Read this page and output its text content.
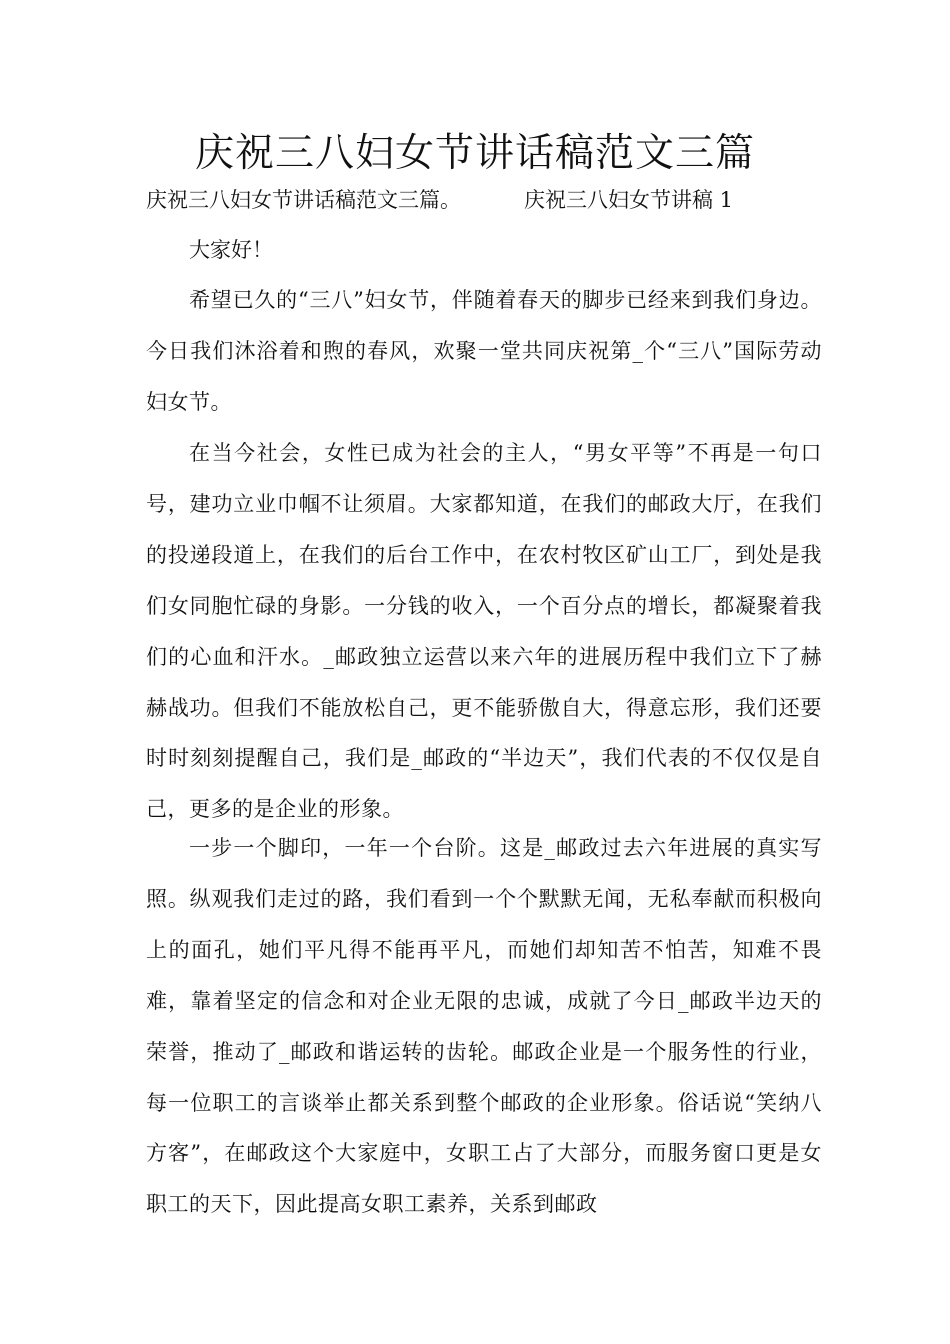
庆祝三八妇女节讲话稿范文三篇
庆祝三八妇女节讲话稿范文三篇。	庆祝三八妇女节讲稿 1
大家好！
希望已久的“三八”妇女节，伴随着春天的脚步已经来到我们身边。今日我们沐浴着和煦的春风，欢聚一堂共同庆祝第_个“三八”国际劳动妇女节。
在当今社会，女性已成为社会的主人，“男女平等”不再是一句口号，建功立业巾帼不让须眉。大家都知道，在我们的邮政大厅，在我们的投递段道上，在我们的后台工作中，在农村牧区矿山工厂，到处是我们女同胞忙碌的身影。一分钱的收入，一个百分点的增长，都凝聚着我们的心血和汗水。_邮政独立运营以来六年的进展历程中我们立下了赫赫战功。但我们不能放松自己，更不能骄傲自大，得意忘形，我们还要时时刻刻提醒自己，我们是_邮政的“半边天”，我们代表的不仅仅是自己，更多的是企业的形象。
一步一个脚印，一年一个台阶。这是_邮政过去六年进展的真实写照。纵观我们走过的路，我们看到一个个默默无闻，无私奉献而积极向上的面孔，她们平凡得不能再平凡，而她们却知苦不怕苦，知难不畏难，靠着坚定的信念和对企业无限的忠诚，成就了今日_邮政半边天的荣誉，推动了_邮政和谐运转的齿轮。邮政企业是一个服务性的行业，每一位职工的言谈举止都关系到整个邮政的企业形象。俗话说“笑纳八方客”，在邮政这个大家庭中，女职工占了大部分，而服务窗口更是女职工的天下，因此提高女职工素养，关系到邮政
